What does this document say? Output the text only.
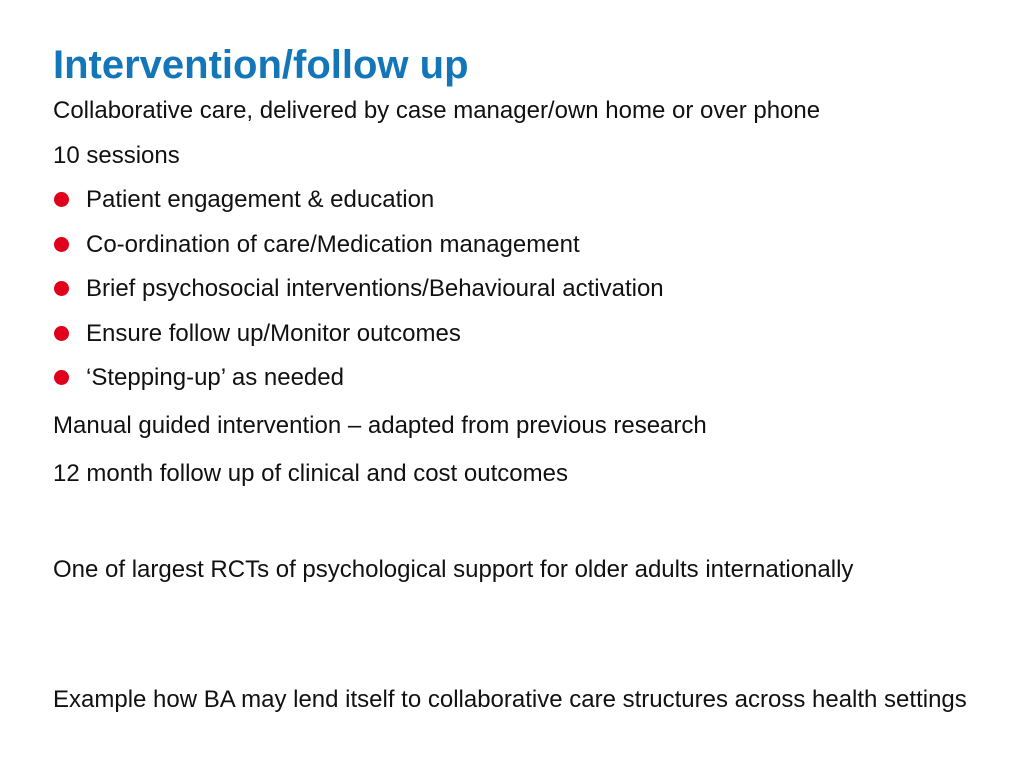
Intervention/follow up

Collaborative care, delivered by case manager/own home or over phone

10 sessions

Patient engagement & education
Co-ordination of care/Medication management
Brief psychosocial interventions/Behavioural activation
Ensure follow up/Monitor outcomes
‘Stepping-up’ as needed

Manual guided intervention – adapted from previous research

12 month follow up of clinical and cost outcomes

One of largest RCTs of psychological support for older adults internationally

Example how BA may lend itself to collaborative care structures across health settings
